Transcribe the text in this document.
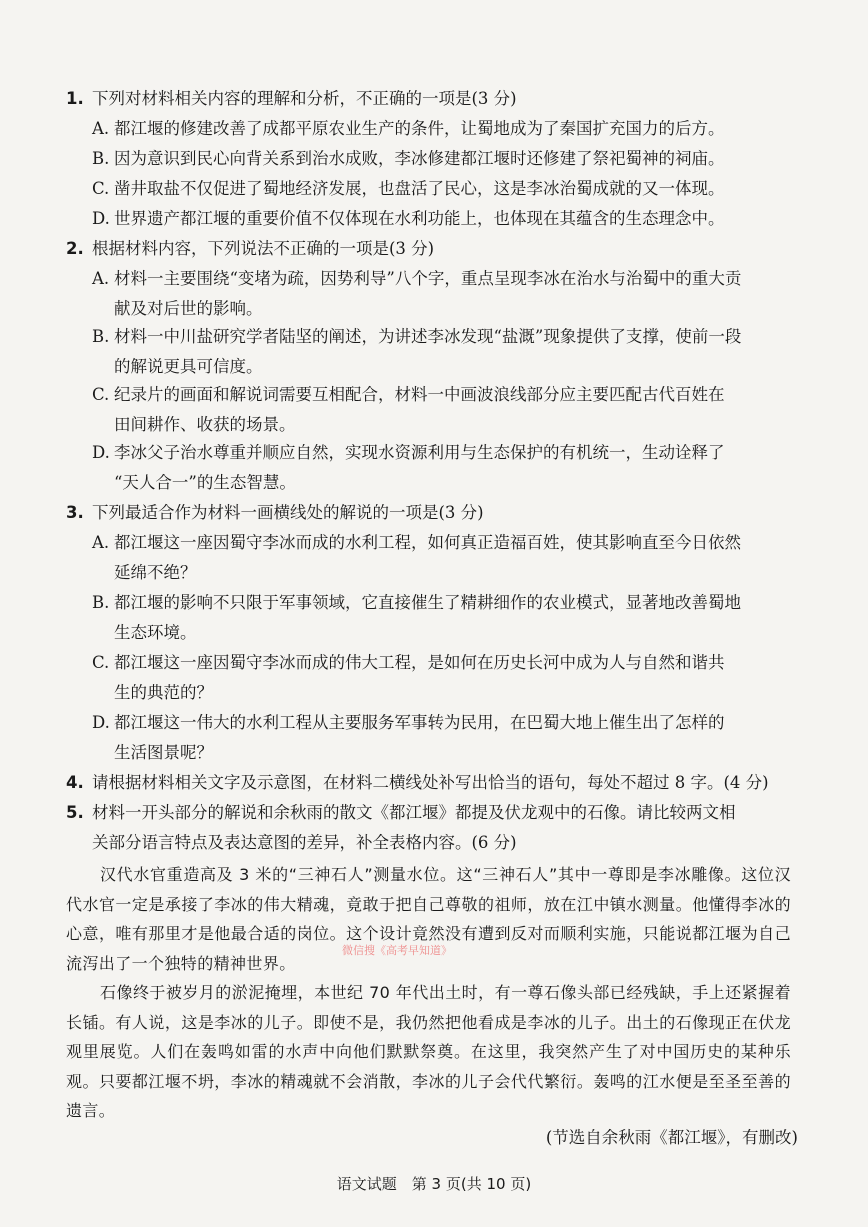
1. 下列对材料相关内容的理解和分析，不正确的一项是(3 分)
A. 都江堰的修建改善了成都平原农业生产的条件，让蜀地成为了秦国扩充国力的后方。
B. 因为意识到民心向背关系到治水成败，李冰修建都江堰时还修建了祭祀蜀神的祠庙。
C. 凿井取盐不仅促进了蜀地经济发展，也盘活了民心，这是李冰治蜀成就的又一体现。
D. 世界遗产都江堰的重要价值不仅体现在水利功能上，也体现在其蕴含的生态理念中。
2. 根据材料内容，下列说法不正确的一项是(3 分)
A. 材料一主要围绕“变堵为疏，因势利导”八个字，重点呈现李冰在治水与治蜀中的重大贡
献及对后世的影响。
B. 材料一中川盐研究学者陆坚的阐述，为讲述李冰发现“盐溉”现象提供了支撑，使前一段
的解说更具可信度。
C. 纪录片的画面和解说词需要互相配合，材料一中画波浪线部分应主要匹配古代百姓在
田间耕作、收获的场景。
D. 李冰父子治水尊重并顺应自然，实现水资源利用与生态保护的有机统一，生动诠释了
“天人合一”的生态智慧。
3. 下列最适合作为材料一画横线处的解说的一项是(3 分)
A. 都江堰这一座因蜀守李冰而成的水利工程，如何真正造福百姓，使其影响直至今日依然
延绵不绝？
B. 都江堰的影响不只限于军事领域，它直接催生了精耕细作的农业模式，显著地改善蜀地
生态环境。
C. 都江堰这一座因蜀守李冰而成的伟大工程，是如何在历史长河中成为人与自然和谐共
生的典范的？
D. 都江堰这一伟大的水利工程从主要服务军事转为民用，在巴蜀大地上催生出了怎样的
生活图景呢？
4. 请根据材料相关文字及示意图，在材料二横线处补写出恰当的语句，每处不超过 8 字。(4 分)
5. 材料一开头部分的解说和余秋雨的散文《都江堰》都提及伏龙观中的石像。请比较两文相
关部分语言特点及表达意图的差异，补全表格内容。(6 分)
汉代水官重造高及 3 米的“三神石人”测量水位。这“三神石人”其中一尊即是李冰雕像。这位汉代水官一定是承接了李冰的伟大精魂，竟敢于把自己尊敬的祖师，放在江中镇水测量。他懂得李冰的心意，唯有那里才是他最合适的岗位。这个设计竟然没有遭到反对而顺利实施，只能说都江堰为自己流泻出了一个独特的精神世界。
微信搜《高考早知道》
石像终于被岁月的淤泥掩埋，本世纪 70 年代出土时，有一尊石像头部已经残缺，手上还紧握着长锸。有人说，这是李冰的儿子。即使不是，我仍然把他看成是李冰的儿子。出土的石像现正在伏龙观里展览。人们在轰鸣如雷的水声中向他们默默祭奠。在这里，我突然产生了对中国历史的某种乐观。只要都江堰不坍，李冰的精魂就不会消散，李冰的儿子会代代繁衍。轰鸣的江水便是至圣至善的遗言。
(节选自余秋雨《都江堰》，有删改)
语文试题　第 3 页(共 10 页)
